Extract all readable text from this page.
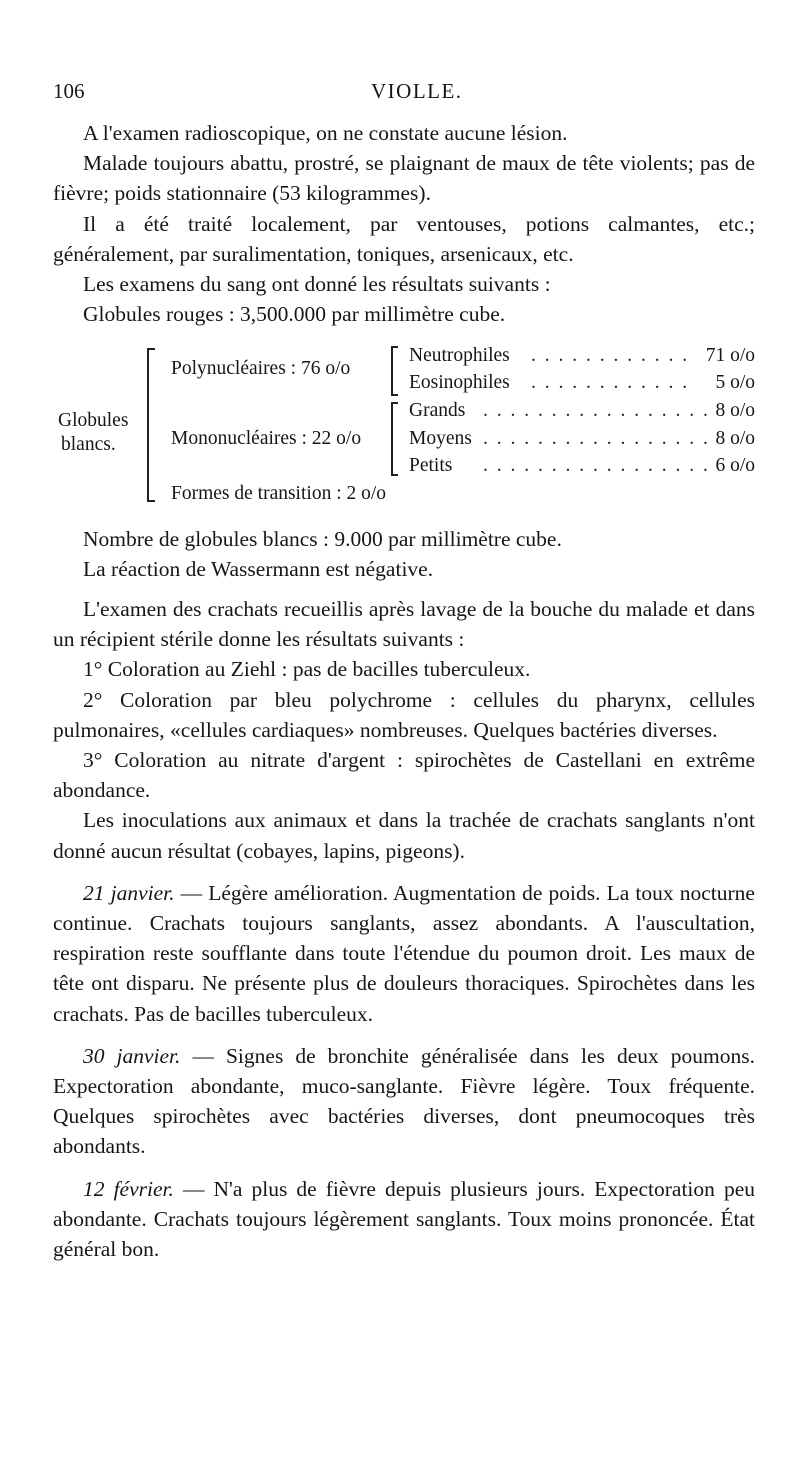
106	VIOLLE.

A l'examen radioscopique, on ne constate aucune lésion.

Malade toujours abattu, prostré, se plaignant de maux de tête violents; pas de fièvre; poids stationnaire (53 kilogrammes).

Il a été traité localement, par ventouses, potions calmantes, etc.; généralement, par suralimentation, toniques, arsenicaux, etc.

Les examens du sang ont donné les résultats suivants :

Globules rouges : 3,500.000 par millimètre cube.

Globules
blancs.
Polynucléaires : 76 o/o
Mononucléaires : 22 o/o
Formes de transition : 2 o/o
Neutrophiles . . . . . . . . . . . . 71 o/o
Eosinophiles . . . . . . . . . . . .	5 o/o
Grands . . . . . . . . . . . . . . . . . 8 o/o
Moyens . . . . . . . . . . . . . . . . . 8 o/o
Petits . . . . . . . . . . . . . . . . . 6 o/o

Nombre de globules blancs : 9.000 par millimètre cube.

La réaction de Wassermann est négative.

L'examen des crachats recueillis après lavage de la bouche du malade et dans un récipient stérile donne les résultats suivants :

1° Coloration au Ziehl : pas de bacilles tuberculeux.

2° Coloration par bleu polychrome : cellules du pharynx, cellules pulmonaires, «cellules cardiaques» nombreuses. Quelques bactéries diverses.

3° Coloration au nitrate d'argent : spirochètes de Castellani en extrême abondance.

Les inoculations aux animaux et dans la trachée de crachats sanglants n'ont donné aucun résultat (cobayes, lapins, pigeons).

21 janvier. — Légère amélioration. Augmentation de poids. La toux nocturne continue. Crachats toujours sanglants, assez abondants. A l'auscultation, respiration reste soufflante dans toute l'étendue du poumon droit. Les maux de tête ont disparu. Ne présente plus de douleurs thoraciques. Spirochètes dans les crachats. Pas de bacilles tuberculeux.

30 janvier. — Signes de bronchite généralisée dans les deux poumons. Expectoration abondante, muco-sanglante. Fièvre légère. Toux fréquente. Quelques spirochètes avec bactéries diverses, dont pneumocoques très abondants.

12 février. — N'a plus de fièvre depuis plusieurs jours. Expectoration peu abondante. Crachats toujours légèrement sanglants. Toux moins prononcée. État général bon.
